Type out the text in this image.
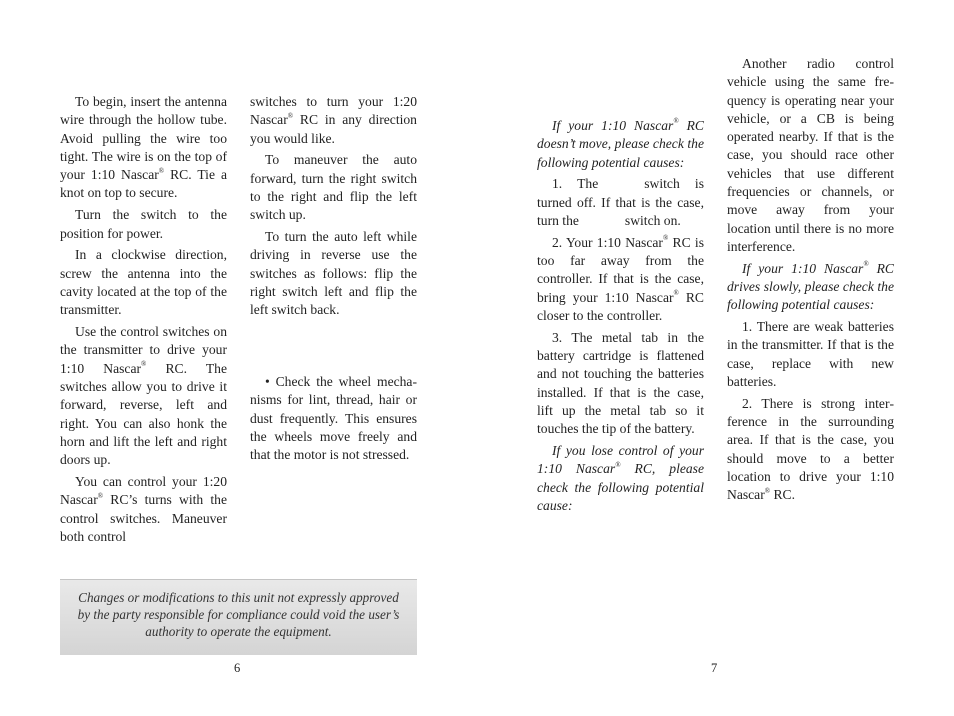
To begin, insert the antenna wire through the hollow tube. Avoid pulling the wire too tight. The wire is on the top of your 1:10 Nascar® RC. Tie a knot on top to secure.

Turn the switch to the position for power.

In a clockwise direction, screw the antenna into the cavity located at the top of the transmitter.

Use the control switches on the transmitter to drive your 1:10 Nascar® RC. The switches allow you to drive it forward, reverse, left and right. You can also honk the horn and lift the left and right doors up.

You can control your 1:20 Nascar® RC’s turns with the control switches. Maneuver both control

switches to turn your 1:20 Nascar® RC in any direction you would like.

To maneuver the auto forward, turn the right switch to the right and flip the left switch up.

To turn the auto left while driving in reverse use the switches as follows: flip the right switch left and flip the left switch back.

• Check the wheel mechanisms for lint, thread, hair or dust frequently. This ensures the wheels move freely and that the motor is not stressed.

Changes or modifications to this unit not expressly approved by the party responsible for compliance could void the user’s authority to operate the equipment.
6

If your 1:10 Nascar® RC doesn’t move, please check the following potential causes:

1. The	switch is turned off. If that is the case, turn the	switch on.

2. Your 1:10 Nascar® RC is too far away from the controller. If that is the case, bring your 1:10 Nascar® RC closer to the controller.

3. The metal tab in the battery cartridge is flattened and not touching the batteries installed. If that is the case, lift up the metal tab so it touches the tip of the battery.

If you lose control of your 1:10 Nascar® RC, please check the following potential cause:

Another radio control vehicle using the same frequency is operating near your vehicle, or a CB is being operated nearby. If that is the case, you should race other vehicles that use different frequencies or channels, or move away from your location until there is no more interference.

If your 1:10 Nascar® RC drives slowly, please check the following potential causes:

1. There are weak batteries in the transmitter. If that is the case, replace with new batteries.

2. There is strong interference in the surrounding area. If that is the case, you should move to a better location to drive your 1:10 Nascar® RC.

7
